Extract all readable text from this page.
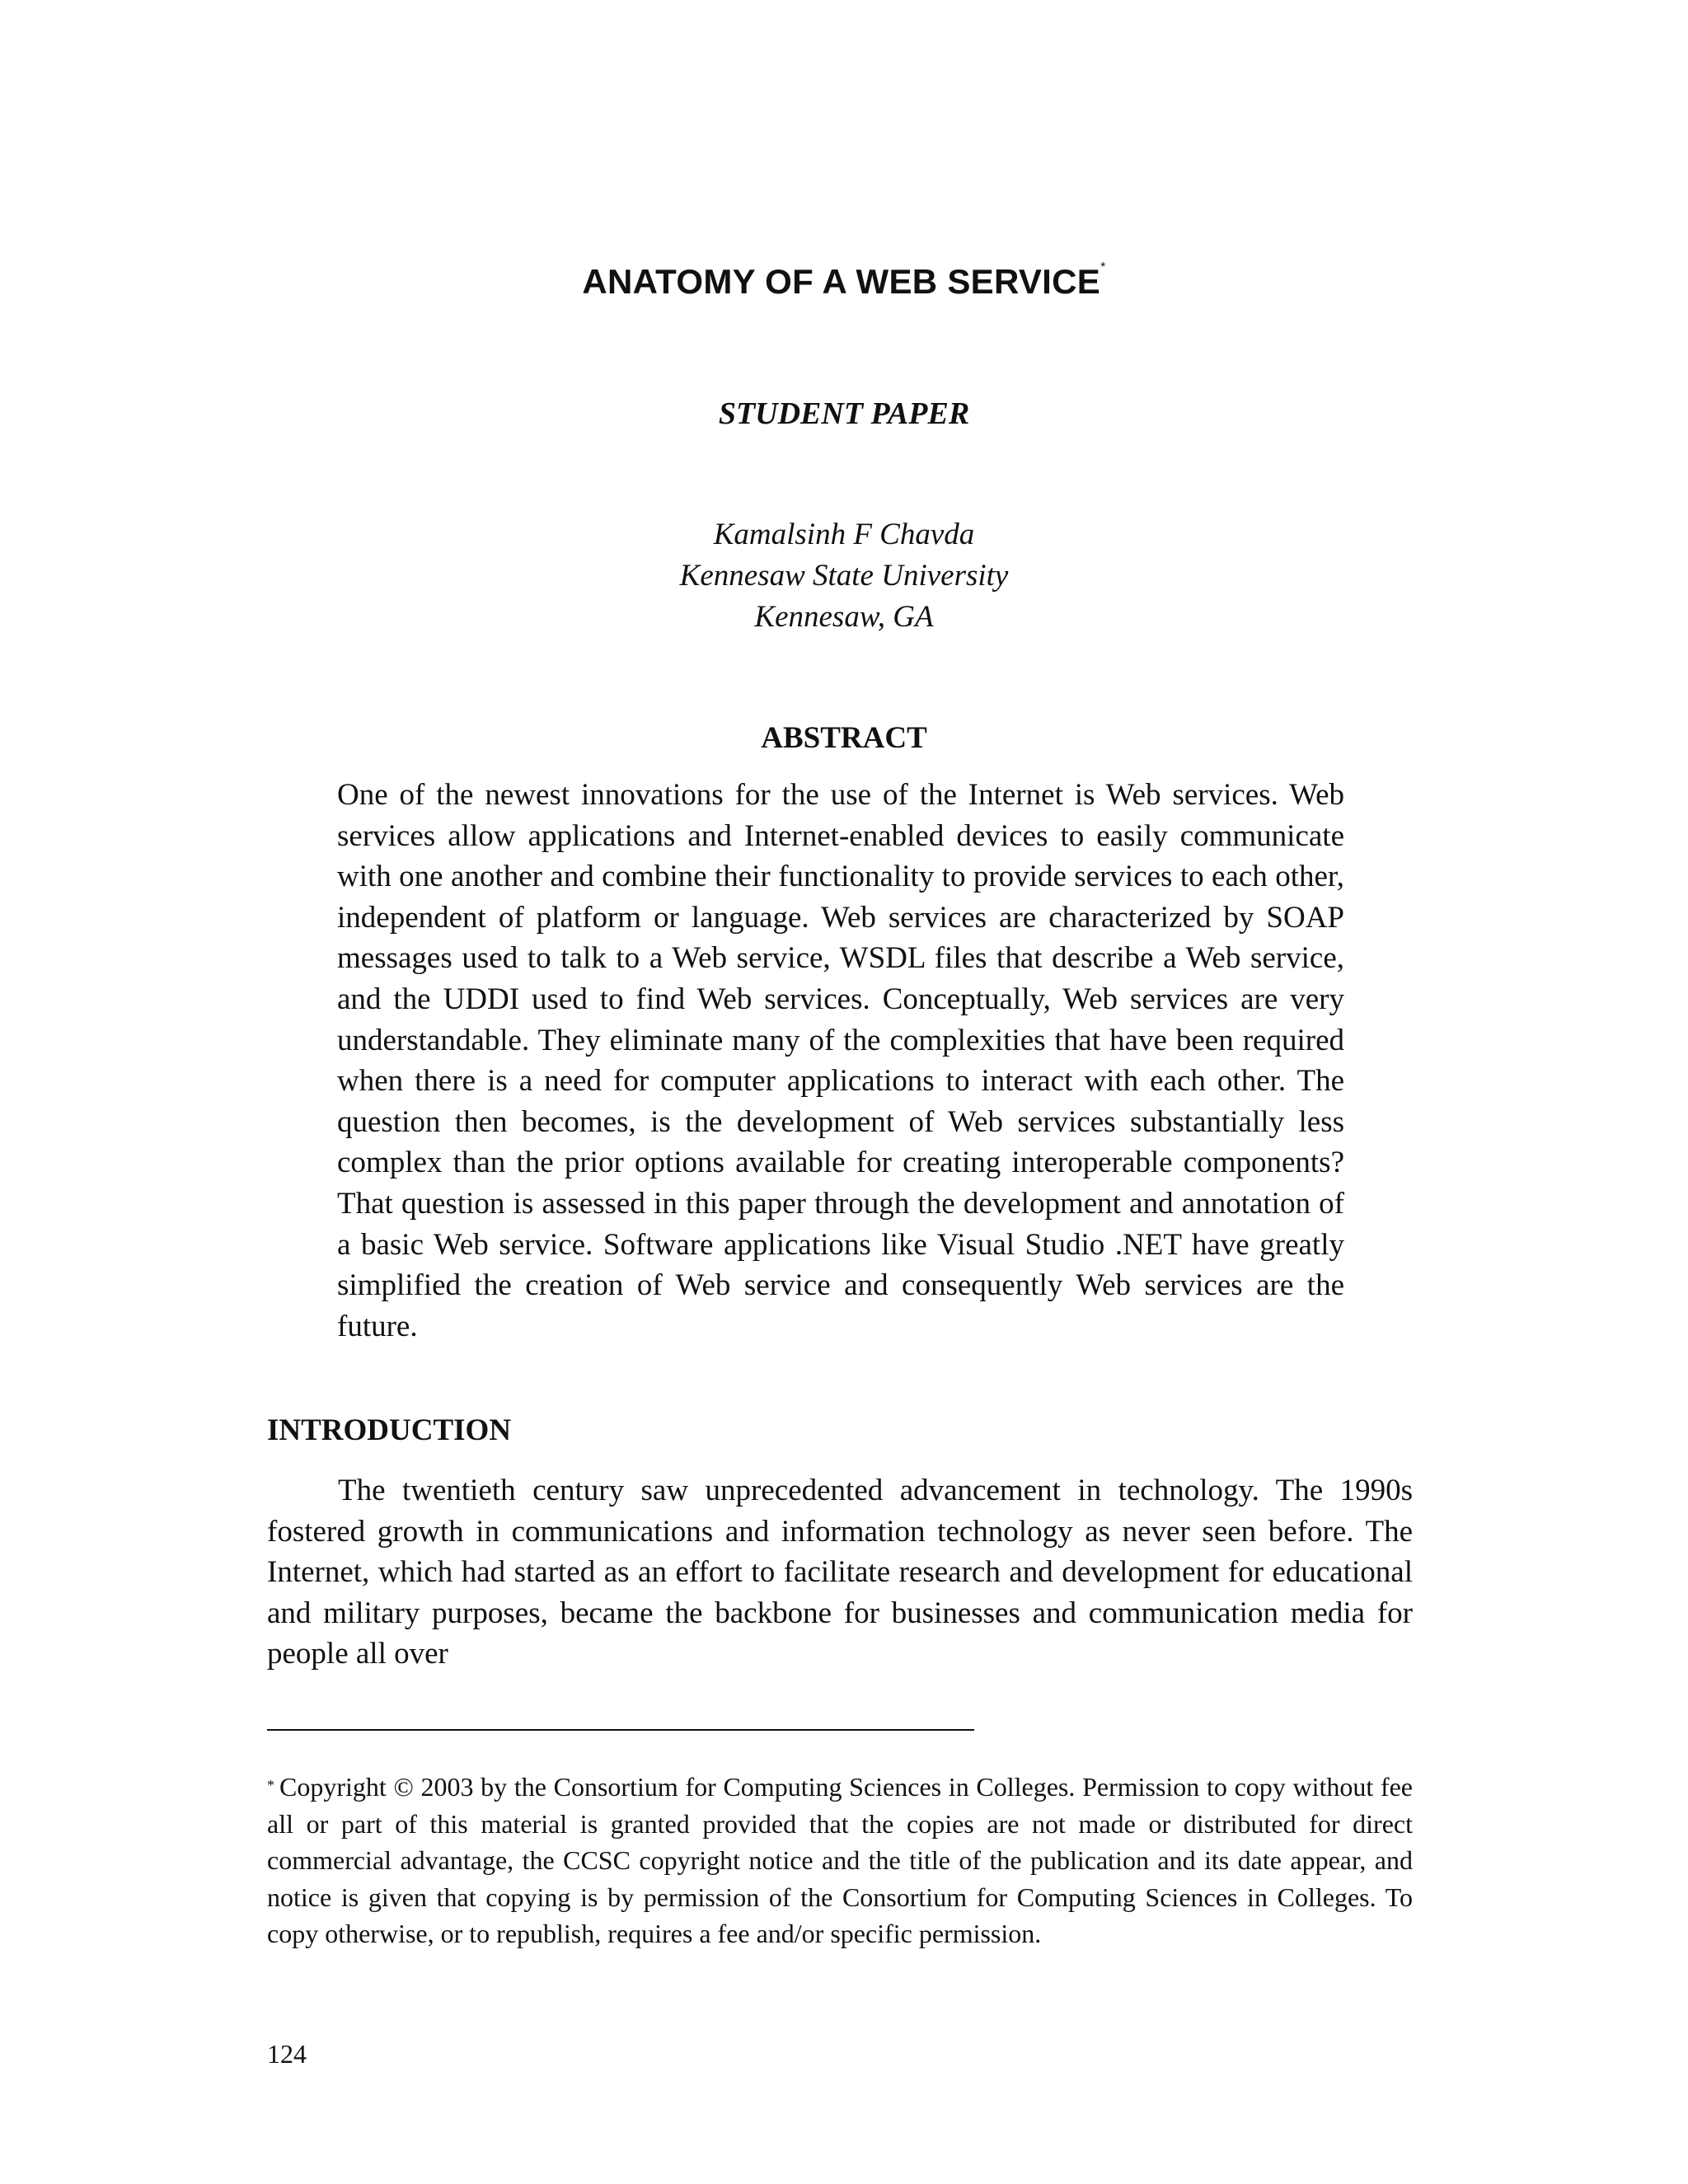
ANATOMY OF A WEB SERVICE*
STUDENT PAPER
Kamalsinh F Chavda
Kennesaw State University
Kennesaw, GA
ABSTRACT
One of the newest innovations for the use of the Internet is Web services. Web services allow applications and Internet-enabled devices to easily communicate with one another and combine their functionality to provide services to each other, independent of platform or language. Web services are characterized by SOAP messages used to talk to a Web service, WSDL files that describe a Web service, and the UDDI used to find Web services. Conceptually, Web services are very understandable. They eliminate many of the complexities that have been required when there is a need for computer applications to interact with each other. The question then becomes, is the development of Web services substantially less complex than the prior options available for creating interoperable components? That question is assessed in this paper through the development and annotation of a basic Web service. Software applications like Visual Studio .NET have greatly simplified the creation of Web service and consequently Web services are the future.
INTRODUCTION
The twentieth century saw unprecedented advancement in technology. The 1990s fostered growth in communications and information technology as never seen before. The Internet, which had started as an effort to facilitate research and development for educational and military purposes, became the backbone for businesses and communication media for people all over
* Copyright © 2003 by the Consortium for Computing Sciences in Colleges. Permission to copy without fee all or part of this material is granted provided that the copies are not made or distributed for direct commercial advantage, the CCSC copyright notice and the title of the publication and its date appear, and notice is given that copying is by permission of the Consortium for Computing Sciences in Colleges. To copy otherwise, or to republish, requires a fee and/or specific permission.
124
